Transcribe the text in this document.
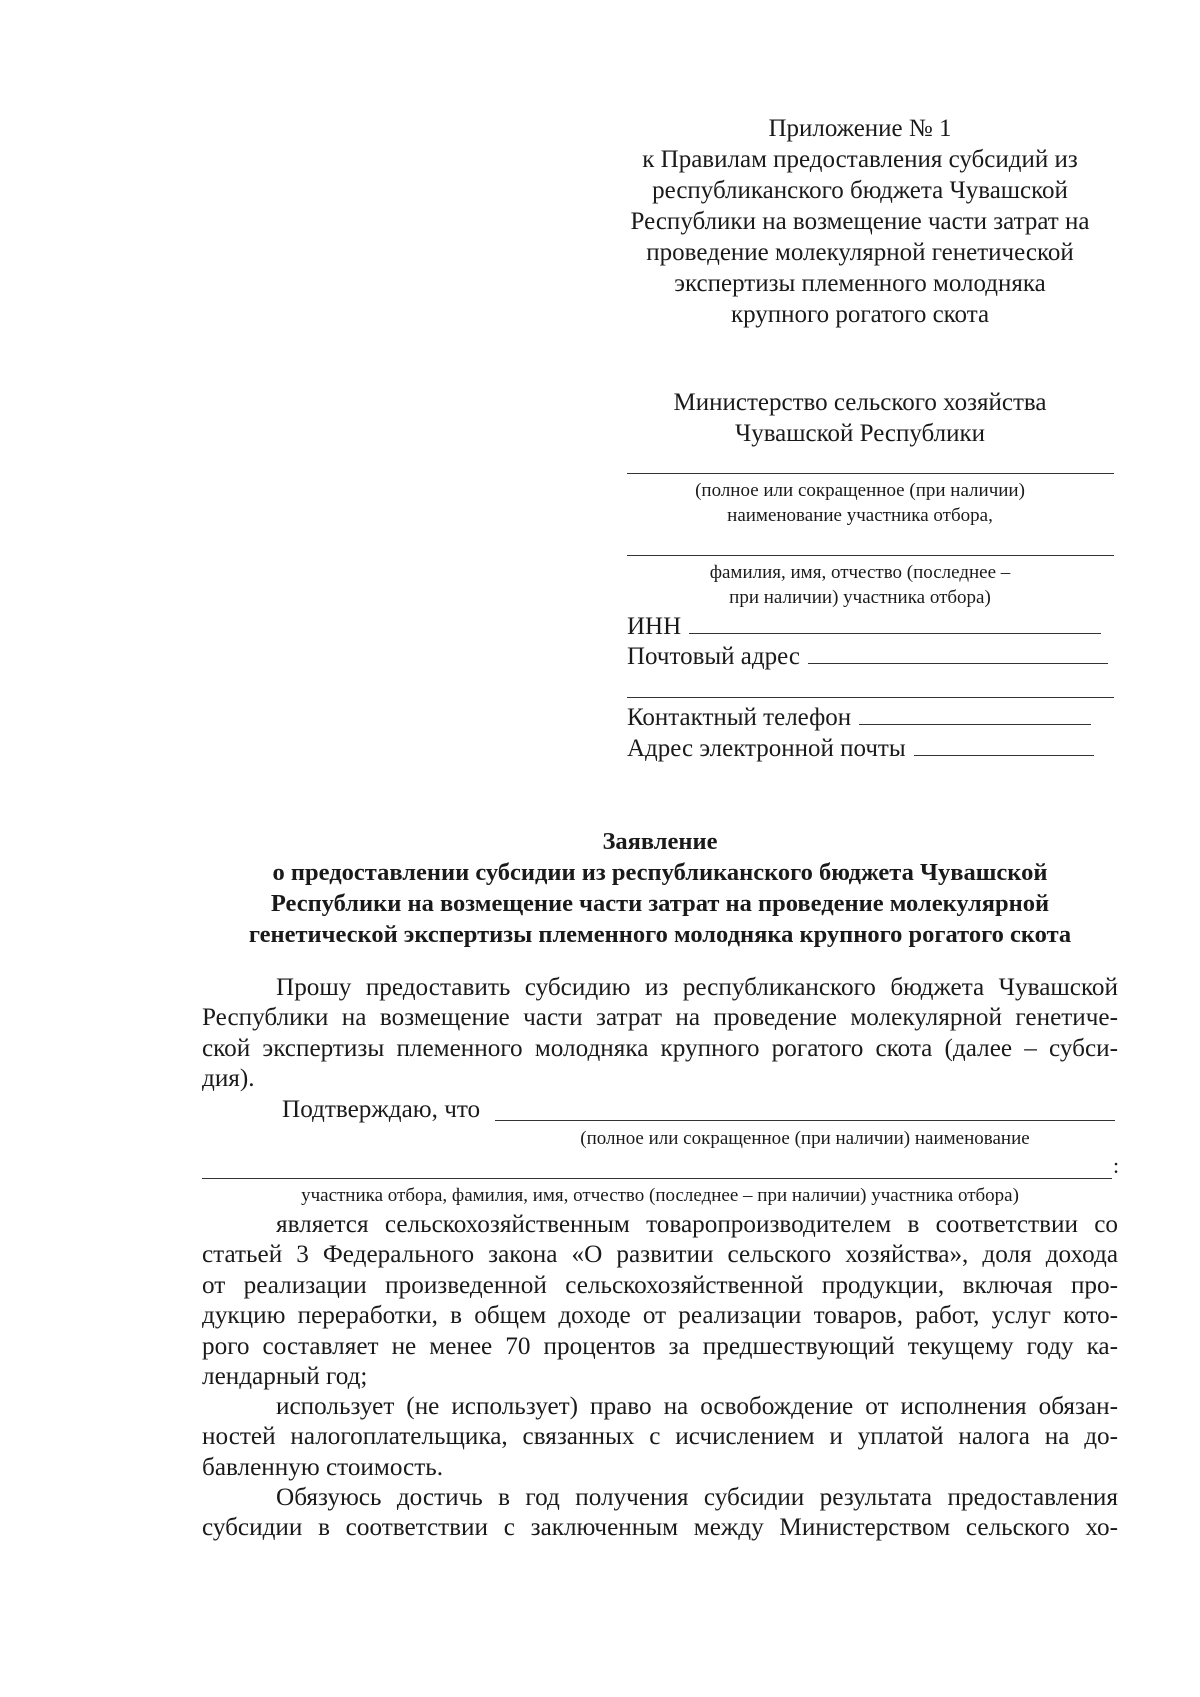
Приложение № 1
к Правилам предоставления субсидий из
республиканского бюджета Чувашской
Республики на возмещение части затрат на
проведение молекулярной генетической
экспертизы племенного молодняка
крупного рогатого скота
Министерство сельского хозяйства
Чувашской Республики
(полное или сокращенное (при наличии)
наименование участника отбора,
фамилия, имя, отчество (последнее –
при наличии) участника отбора)
ИНН
Почтовый адрес
Контактный телефон
Адрес электронной почты
Заявление
о предоставлении субсидии из республиканского бюджета Чувашской
Республики на возмещение части затрат на проведение молекулярной
генетической экспертизы племенного молодняка крупного рогатого скота
Прошу предоставить субсидию из республиканского бюджета Чувашской
Республики на возмещение части затрат на проведение молекулярной генетиче-
ской экспертизы племенного молодняка крупного рогатого скота (далее – субси-
дия).
Подтверждаю, что
(полное или сокращенное (при наличии) наименование
:
участника отбора, фамилия, имя, отчество (последнее – при наличии) участника отбора)
является сельскохозяйственным товаропроизводителем в соответствии со
статьей 3 Федерального закона «О развитии сельского хозяйства», доля дохода
от реализации произведенной сельскохозяйственной продукции, включая про-
дукцию переработки, в общем доходе от реализации товаров, работ, услуг кото-
рого составляет не менее 70 процентов за предшествующий текущему году ка-
лендарный год;
использует (не использует) право на освобождение от исполнения обязан-
ностей налогоплательщика, связанных с исчислением и уплатой налога на до-
бавленную стоимость.
Обязуюсь достичь в год получения субсидии результата предоставления
субсидии в соответствии с заключенным между Министерством сельского хо-
